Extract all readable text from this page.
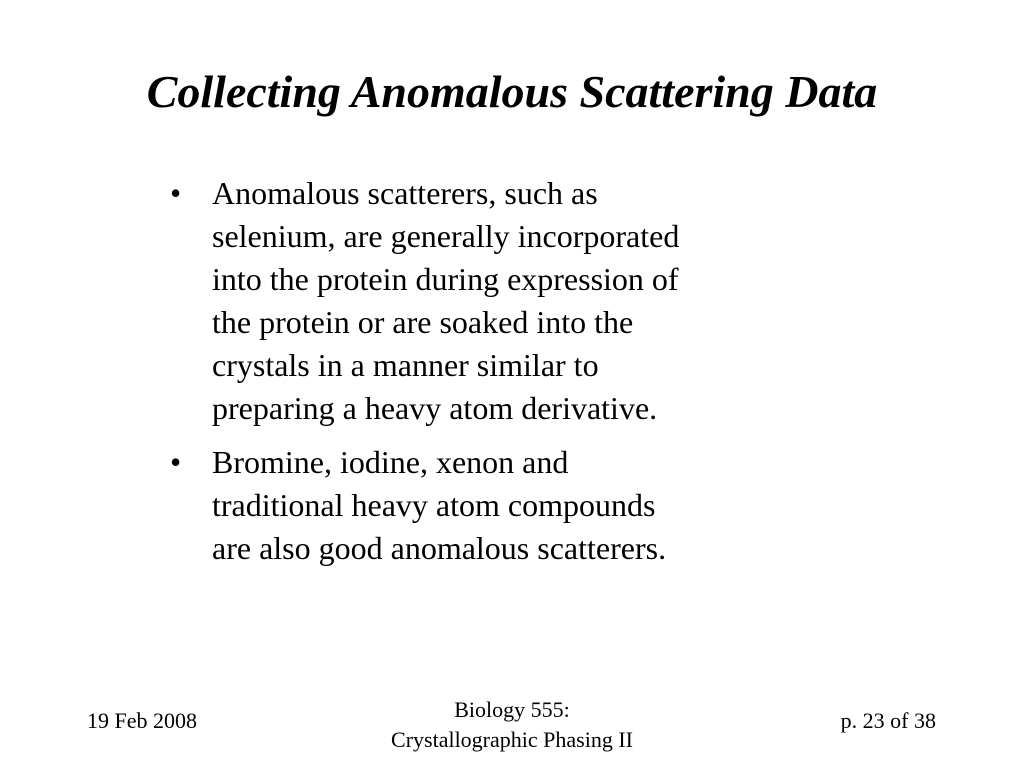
Collecting Anomalous Scattering Data
• Anomalous scatterers, such as
selenium, are generally incorporated
into the protein during expression of
the protein or are soaked into the
crystals in a manner similar to
preparing a heavy atom derivative.
• Bromine, iodine, xenon and
traditional heavy atom compounds
are also good anomalous scatterers.
19 Feb 2008	Biology 555:
Crystallographic Phasing II
p. 23 of 38
